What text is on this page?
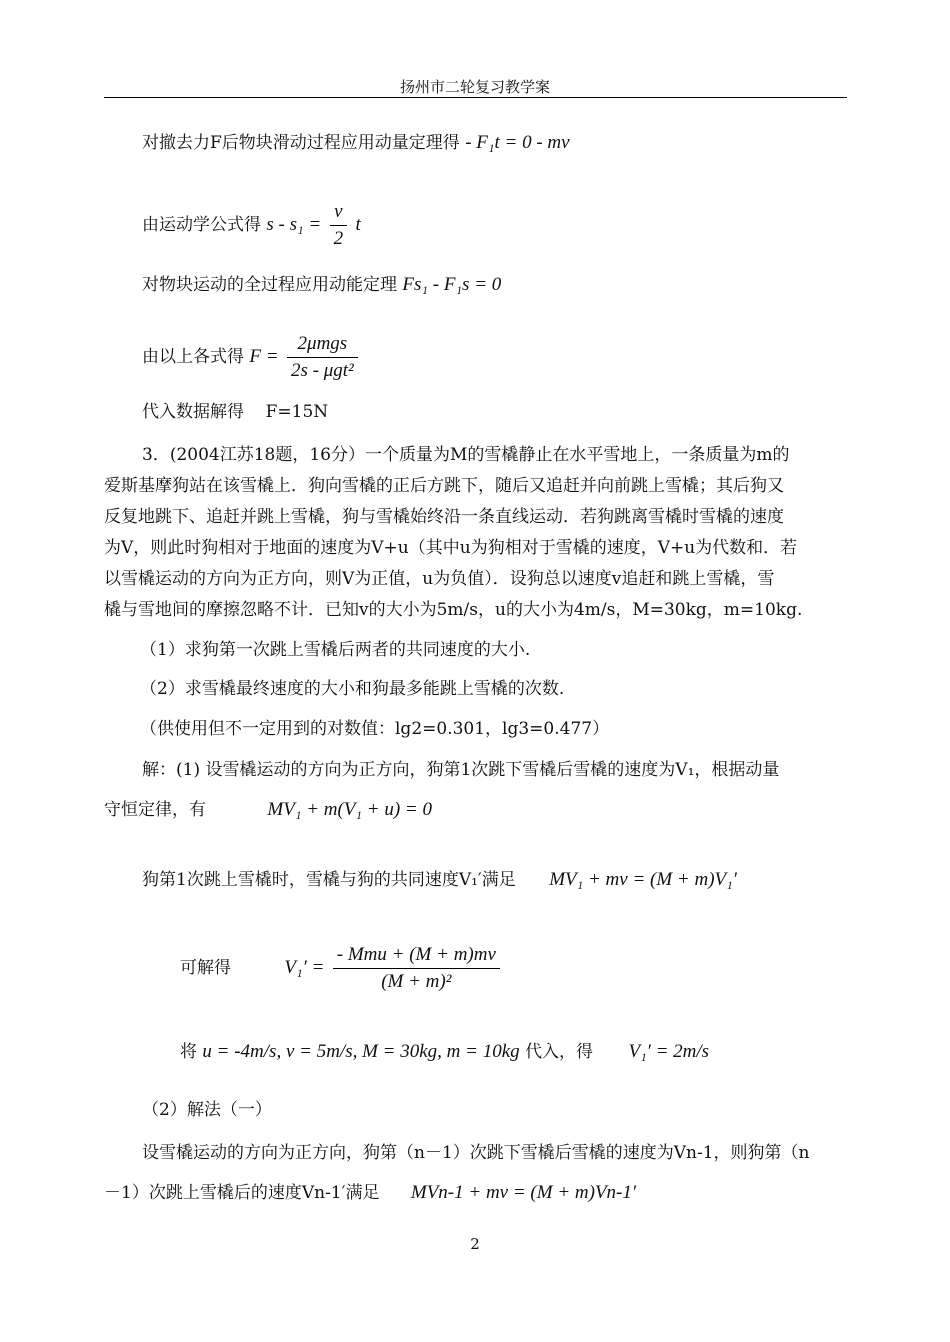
扬州市二轮复习教学案
对撤去力F后物块滑动过程应用动量定理得 - F₁t = 0 - mv
由运动学公式得 $s - s_1 = \frac{v}{2}$ t
对物块运动的全过程应用动能定理 Fs₁ - F₁s = 0
由以上各式得 $F = \frac{\text{2μmgs}}{\text{2s - μgt²}}$
代入数据解得 F=15N
3．(2004江苏18题，16分）一个质量为M的雪橇静止在水平雪地上，一条质量为m的
爱斯基摩狗站在该雪橇上．狗向雪橇的正后方跳下，随后又追赶并向前跳上雪橇；其后狗又
反复地跳下、追赶并跳上雪橇，狗与雪橇始终沿一条直线运动．若狗跳离雪橇时雪橇的速度
为V，则此时狗相对于地面的速度为V+u（其中u为狗相对于雪橇的速度，V+u为代数和．若
以雪橇运动的方向为正方向，则V为正值，u为负值）．设狗总以速度v追赶和跳上雪橇，雪
橇与雪地间的摩擦忽略不计．已知v的大小为5m/s，u的大小为4m/s，M=30kg，m=10kg.
（1）求狗第一次跳上雪橇后两者的共同速度的大小.
（2）求雪橇最终速度的大小和狗最多能跳上雪橇的次数.
（供使用但不一定用到的对数值：lg2=0.301，lg3=0.477）
解：(1) 设雪橇运动的方向为正方向，狗第1次跳下雪橇后雪橇的速度为V₁，根据动量
守恒定律，有	MV₁ + m(V₁ + u) = 0
狗第1次跳上雪橇时，雪橇与狗的共同速度V₁′满足 MV₁ + mv = (M + m)V₁′
可解得	$V_1' = \frac{\text{- Mmu + (M + m)mv}}{\text{(M + m)²}}$
将 u = -4m/s, v = 5m/s, M = 30kg, m = 10kg 代入，得 V₁′ = 2m/s
（2）解法（一）
设雪橇运动的方向为正方向，狗第（n－1）次跳下雪橇后雪橇的速度为Vn-1，则狗第（n
－1）次跳上雪橇后的速度Vn-1′满足 MVn-1 + mv = (M + m)Vn-1′
2
